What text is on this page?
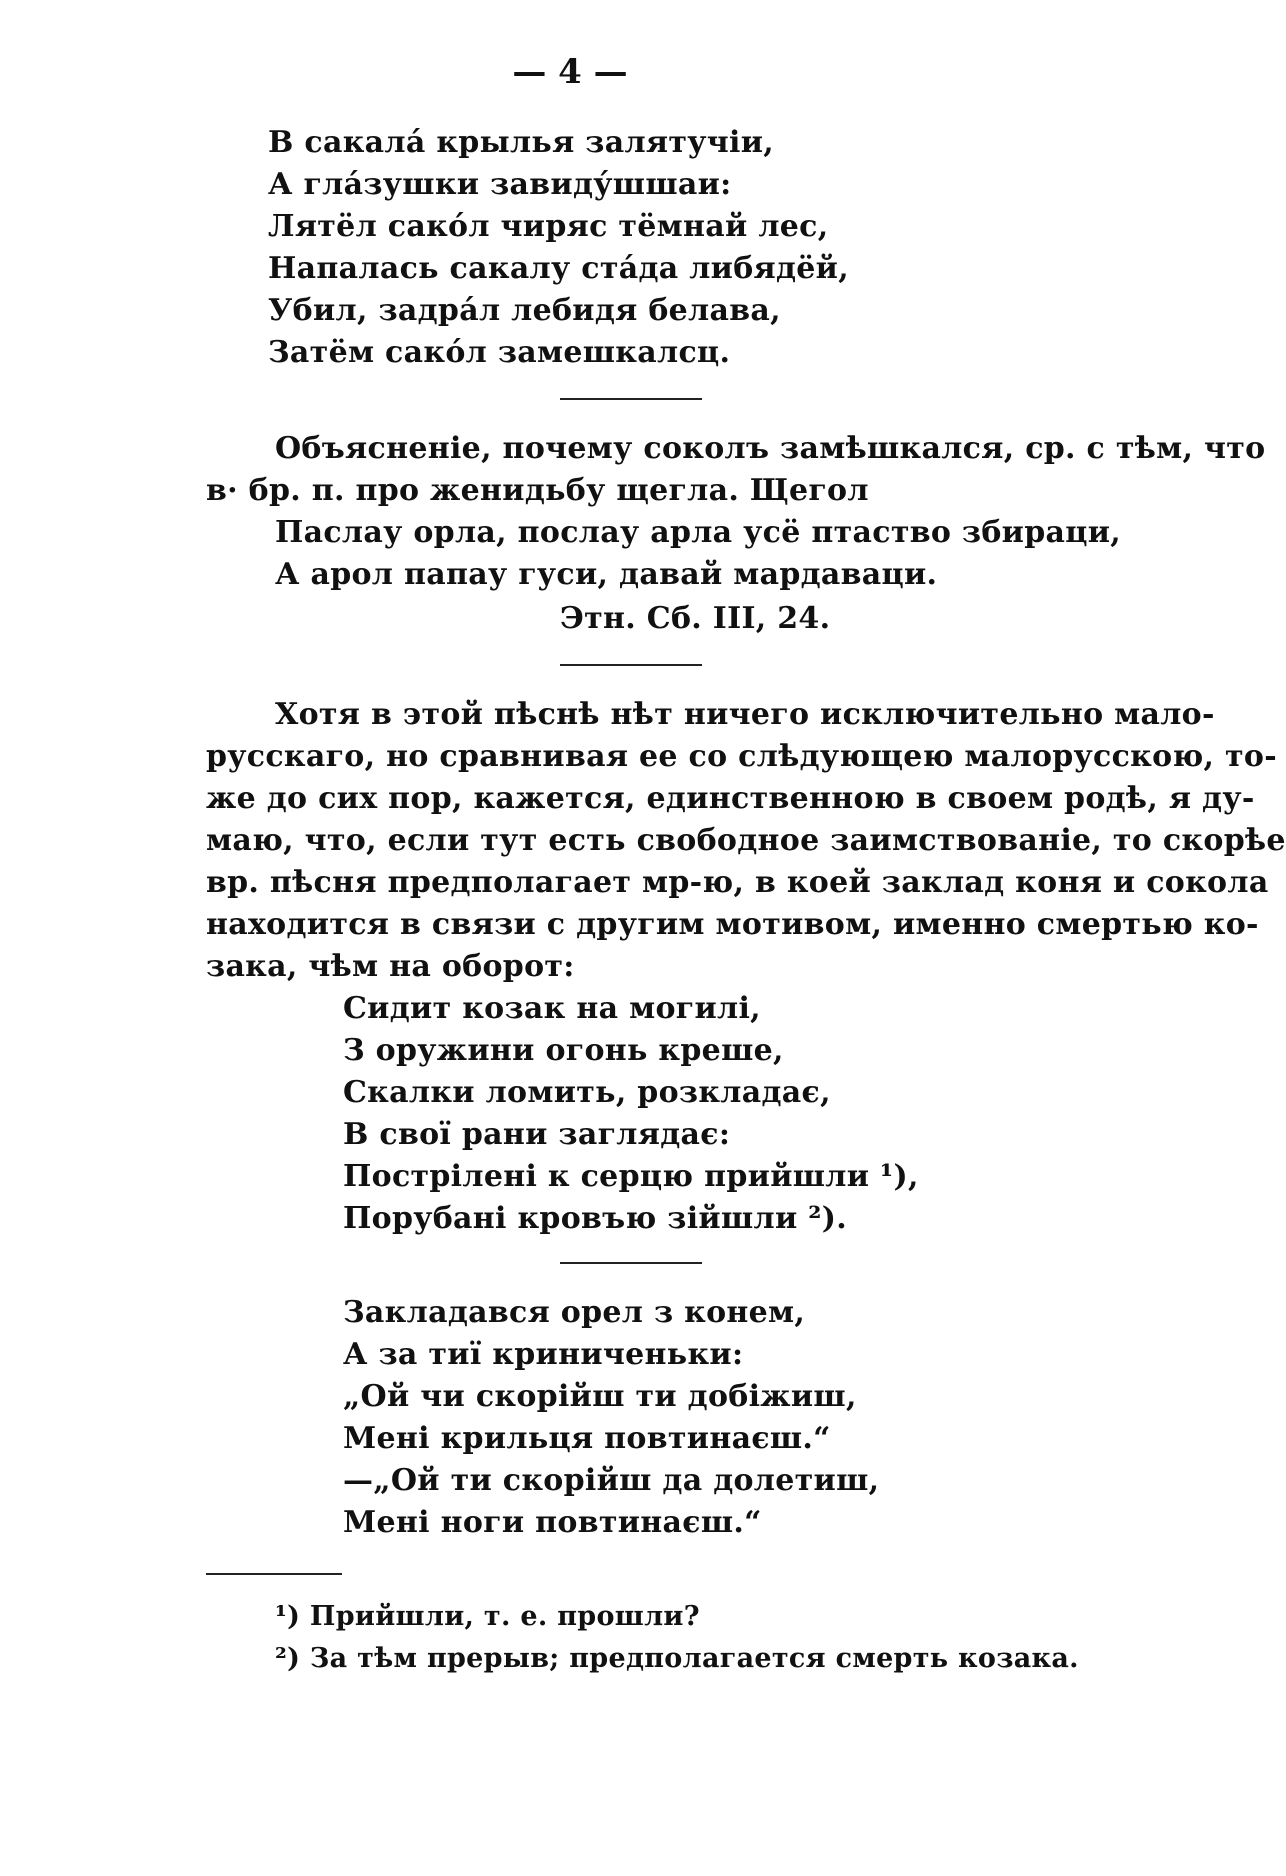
— 4 —
В сакала́ крылья залятучіи,
А гла́зушки завиду́шшаи:
Лятёл сако́л чиряс тёмнай лес,
Напалась сакалу ста́да либядёй,
Убил, задра́л лебидя белава,
Затём сако́л замешкалсц.
Объясненіе, почему соколъ замѣшкался, ср. с тѣм, что
в· бр. п. про женидьбу щегла. Щегол
Паслау орла, послау арла усё птаство збираци,
А арол папау гуси, давай мардаваци.
Этн. Сб. III, 24.
Хотя в этой пѣснѣ нѣт ничего исключительно мало-
русскаго, но сравнивая ее со слѣдующею малорусскою, то-
же до сих пор, кажется, единственною в своем родѣ, я ду-
маю, что, если тут есть свободное заимствованіе, то скорѣе
вр. пѣсня предполагает мр-ю, в коей заклад коня и сокола
находится в связи с другим мотивом, именно смертью ко-
зака, чѣм на оборот:
Сидит козак на могилі,
З оружини огонь креше,
Скалки ломить, розкладає,
В свої рани заглядає:
Пострілені к серцю прийшли ¹),
Порубані кровъю зійшли ²).
Закладався орел з конем,
А за тиї криниченьки:
„Ой чи скорійш ти добіжиш,
Мені крильця повтинаєш.“
—„Ой ти скорійш да долетиш,
Мені ноги повтинаєш.“
¹) Прийшли, т. е. прошли?
²) За тѣм прерыв; предполагается смерть козака.
